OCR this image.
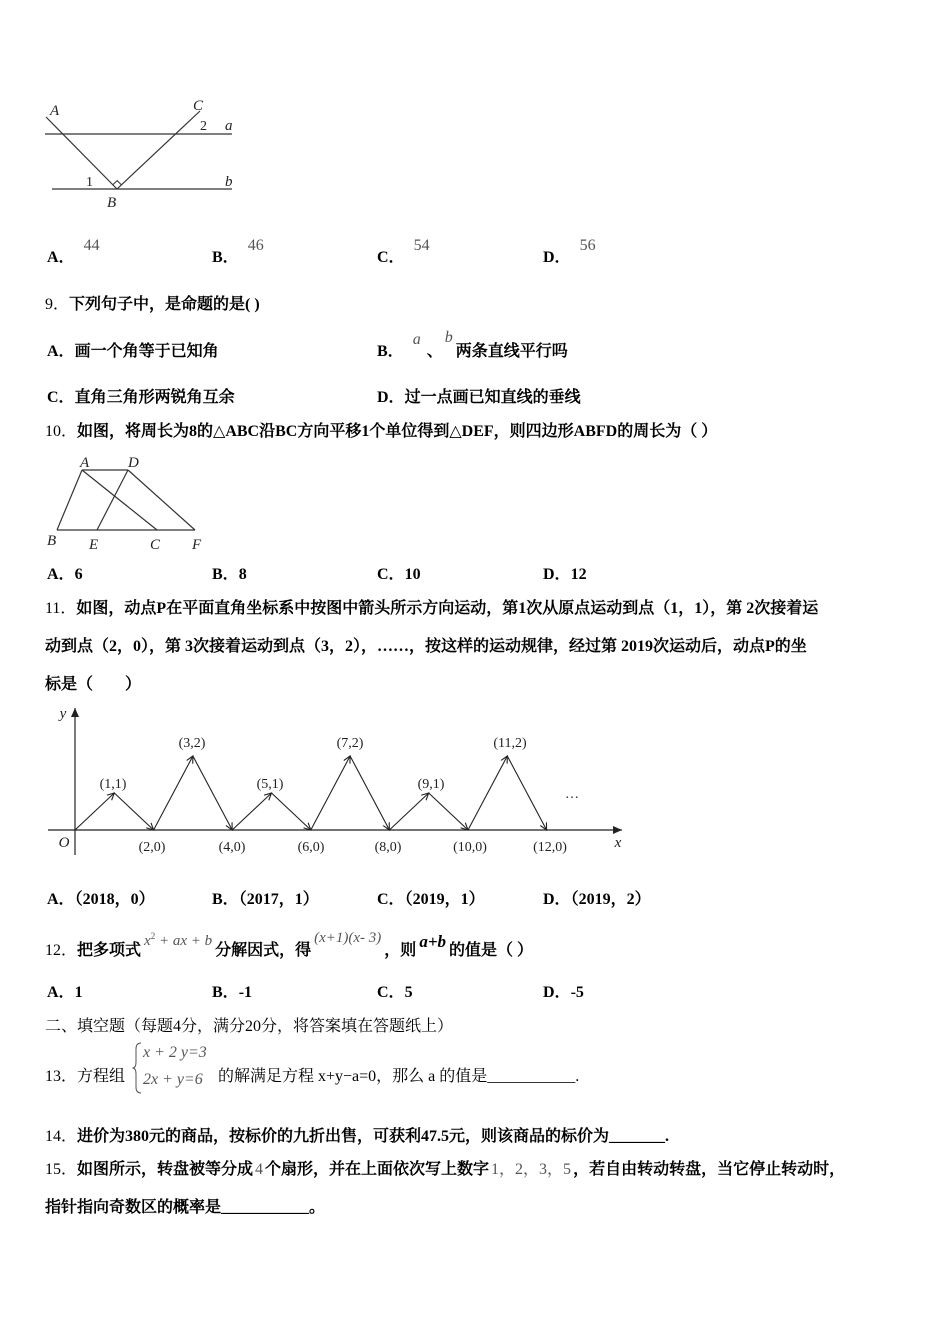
A	C
a
b
2
1
B
A．44
B．46
C．54
D．56
9．下列句子中，是命题的是( )
A．画一个角等于已知角	B．a、b两条直线平行吗
C．直角三角形两锐角互余	D．过一点画已知直线的垂线
10．如图，将周长为8的△ABC沿BC方向平移1个单位得到△DEF，则四边形ABFD的周长为（ ）
A	D
B E	C F
A．6	B．8	C．10	D．12
11．如图，动点P在平面直角坐标系中按图中箭头所示方向运动，第1次从原点运动到点（1，1），第 2次接着运
动到点（2，0），第 3次接着运动到点（3，2），……，按这样的运动规律，经过第 2019次运动后，动点P的坐
标是（　　）
y
O	x
(1,1)
(2,0)
(3,2)
(4,0)
(5,1)
(6,0)
(7,2)
(8,0)
(9,1)
(10,0)
(11,2)
(12,0)
…
A．（2018，0）	B．（2017，1）	C．（2019，1）	D．（2019，2）
12．把多项式$x^2$ + ax + b分解因式，得(x+1)(x- 3)，则 a+b 的值是（ ）
A．1	B．-1	C．5	D．-5
二、填空题（每题4分，满分20分，将答案填在答题纸上）
13．方程组
x + 2 y=3
2x + y=6 的解满足方程 x+y−a=0，那么 a 的值是___________.
14．进价为380元的商品，按标价的九折出售，可获利47.5元，则该商品的标价为_______.
15．如图所示，转盘被等分成 4 个扇形，并在上面依次写上数字 1，2，3，5 ，若自由转动转盘，当它停止转动时，
指针指向奇数区的概率是___________。
